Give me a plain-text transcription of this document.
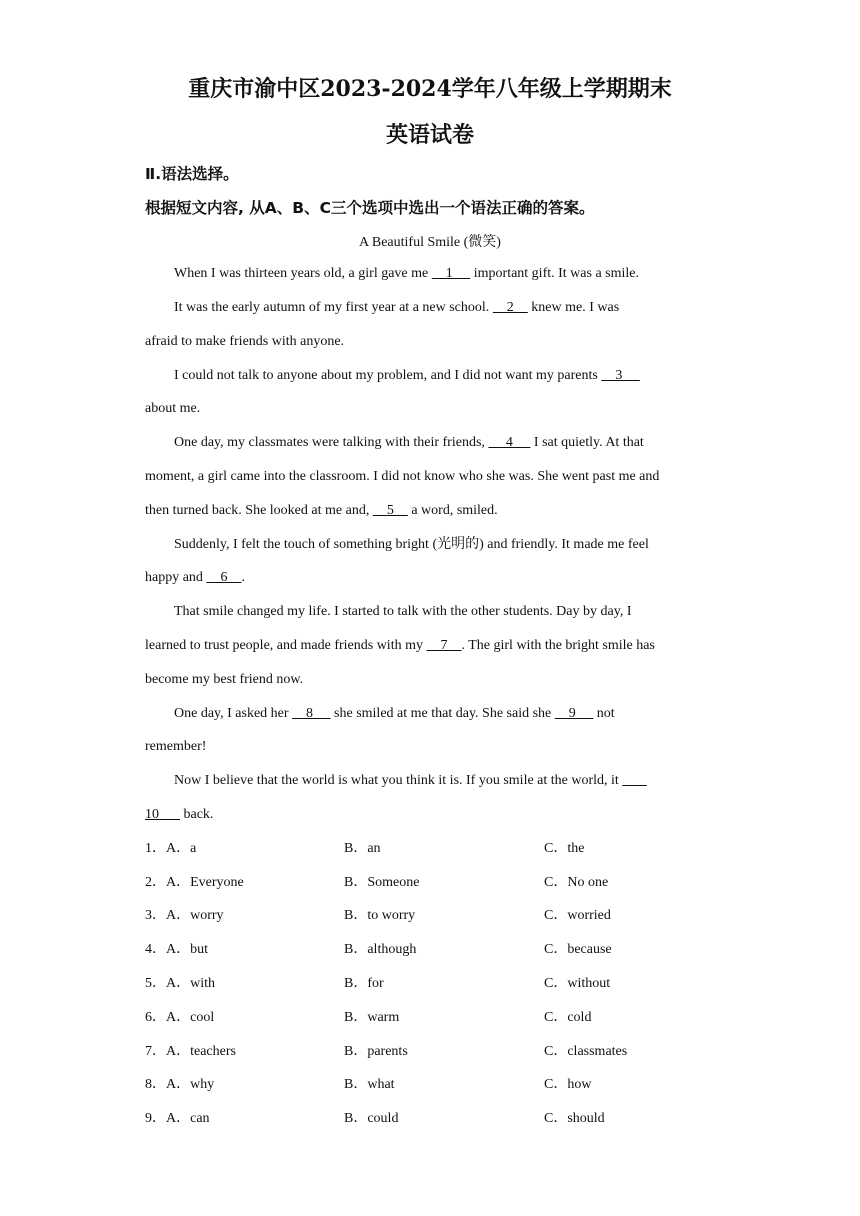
重庆市渝中区2023-2024学年八年级上学期期末
英语试卷
Ⅱ.语法选择。
根据短文内容, 从A、B、C三个选项中选出一个语法正确的答案。
A Beautiful Smile (微笑)
When I was thirteen years old, a girl gave me     1      important gift. It was a smile.
It was the early autumn of my first year at a new school.     2     knew me. I was
afraid to make friends with anyone.
I could not talk to anyone about my problem, and I did not want my parents     3
about me.
One day, my classmates were talking with their friends,      4      I sat quietly. At that
moment, a girl came into the classroom. I did not know who she was. She went past me and
then turned back. She looked at me and,     5     a word, smiled.
Suddenly, I felt the touch of something bright (光明的) and friendly. It made me feel
happy and     6    .
That smile changed my life. I started to talk with the other students. Day by day, I
learned to trust people, and made friends with my     7    . The girl with the bright smile has
become my best friend now.
One day, I asked her     8      she smiled at me that day. She said she     9      not
remember!
Now I believe that the world is what you think it is. If you smile at the world, it
10       back.
1． A．a	B．an	C．the
2． A．Everyone	B．Someone	C．No one
3． A．worry	B．to worry	C．worried
4． A．but	B．although	C．because
5． A．with	B．for	C．without
6． A．cool	B．warm	C．cold
7． A．teachers	B．parents	C．classmates
8． A．why	B．what	C．how
9． A．can	B．could	C．should
